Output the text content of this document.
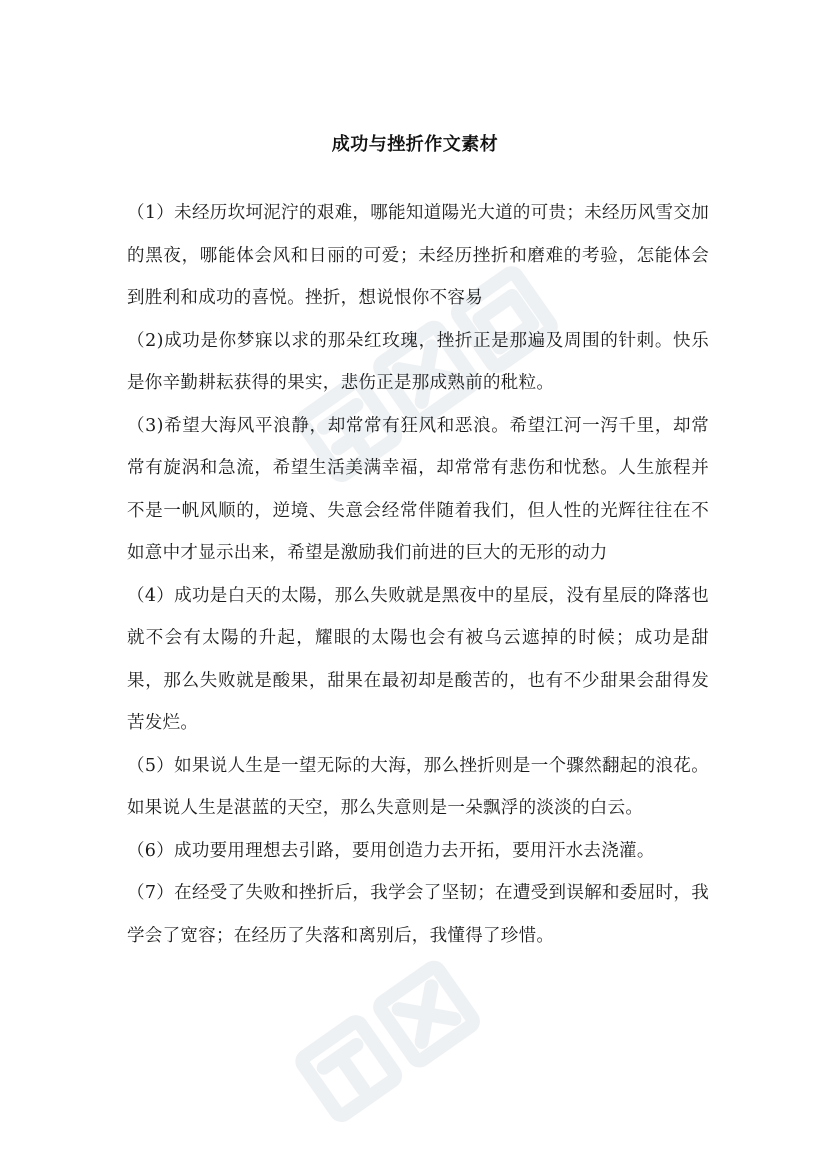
成功与挫折作文素材

（1）未经历坎坷泥泞的艰难，哪能知道陽光大道的可贵；未经历风雪交加的黑夜，哪能体会风和日丽的可爱；未经历挫折和磨难的考验，怎能体会到胜利和成功的喜悦。挫折，想说恨你不容易

（2)成功是你梦寐以求的那朵红玫瑰，挫折正是那遍及周围的针刺。快乐是你辛勤耕耘获得的果实，悲伤正是那成熟前的秕粒。

（3)希望大海风平浪静，却常常有狂风和恶浪。希望江河一泻千里，却常常有旋涡和急流，希望生活美满幸福，却常常有悲伤和忧愁。人生旅程并不是一帆风顺的，逆境、失意会经常伴随着我们，但人性的光辉往往在不如意中才显示出来，希望是激励我们前进的巨大的无形的动力

（4）成功是白天的太陽，那么失败就是黑夜中的星辰，没有星辰的降落也就不会有太陽的升起，耀眼的太陽也会有被乌云遮掉的时候；成功是甜果，那么失败就是酸果，甜果在最初却是酸苦的，也有不少甜果会甜得发苦发烂。

（5）如果说人生是一望无际的大海，那么挫折则是一个骤然翻起的浪花。如果说人生是湛蓝的天空，那么失意则是一朵飘浮的淡淡的白云。

（6）成功要用理想去引路，要用创造力去开拓，要用汗水去浇灌。

（7）在经受了失败和挫折后，我学会了坚韧；在遭受到误解和委屈时，我学会了宽容；在经历了失落和离别后，我懂得了珍惜。
